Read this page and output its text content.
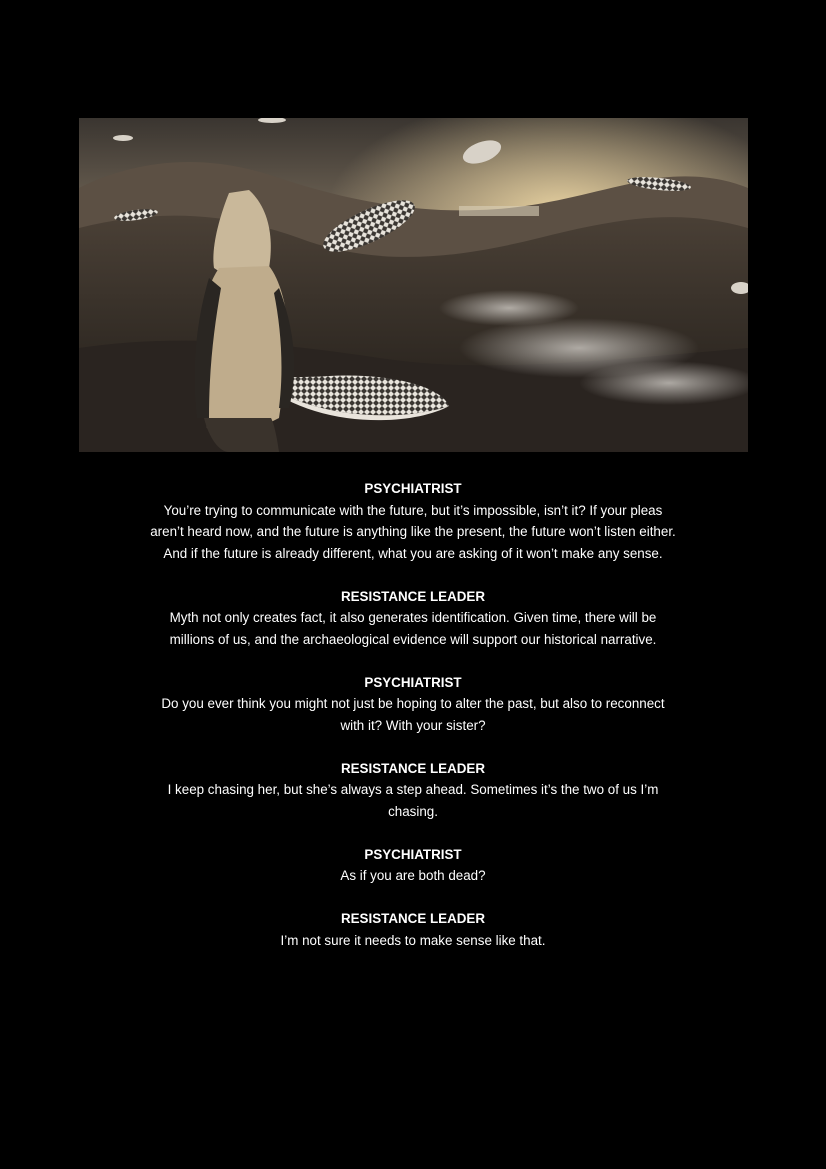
PSYCHIATRIST
You’re trying to communicate with the future, but it’s impossible, isn’t it? If your pleas aren’t heard now, and the future is anything like the present, the future won’t listen either. And if the future is already different, what you are asking of it won’t make any sense.
RESISTANCE LEADER
Myth not only creates fact, it also generates identification. Given time, there will be millions of us, and the archaeological evidence will support our historical narrative.
PSYCHIATRIST
Do you ever think you might not just be hoping to alter the past, but also to reconnect with it? With your sister?
RESISTANCE LEADER
I keep chasing her, but she’s always a step ahead. Sometimes it’s the two of us I’m chasing.
PSYCHIATRIST
As if you are both dead?
RESISTANCE LEADER
I’m not sure it needs to make sense like that.
